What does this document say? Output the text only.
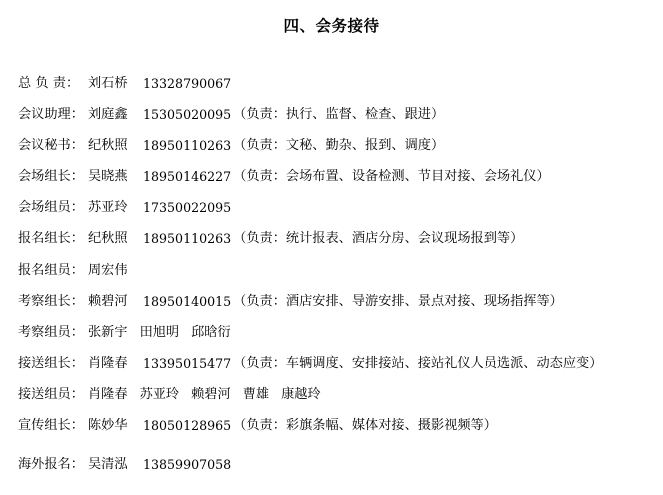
四、会务接待
总 负 责： 刘石桥	13328790067
会议助理： 刘庭鑫	15305020095 （负责：执行、监督、检查、跟进）
会议秘书： 纪秋照	18950110263 （负责：文秘、勤杂、报到、调度）
会场组长： 吴晓燕	18950146227 （负责：会场布置、设备检测、节目对接、会场礼仪）
会场组员： 苏亚玲	17350022095
报名组长： 纪秋照	18950110263 （负责：统计报表、酒店分房、会议现场报到等）
报名组员： 周宏伟
考察组长： 赖碧河	18950140015 （负责：酒店安排、导游安排、景点对接、现场指挥等）
考察组员： 张新宇 田旭明 邱晗衍
接送组长： 肖隆春	13395015477 （负责：车辆调度、安排接站、接站礼仪人员选派、动态应变）
接送组员： 肖隆春 苏亚玲 赖碧河 曹雄 康越玲
宣传组长： 陈妙华	18050128965 （负责：彩旗条幅、媒体对接、摄影视频等）
海外报名： 吴清泓	13859907058
